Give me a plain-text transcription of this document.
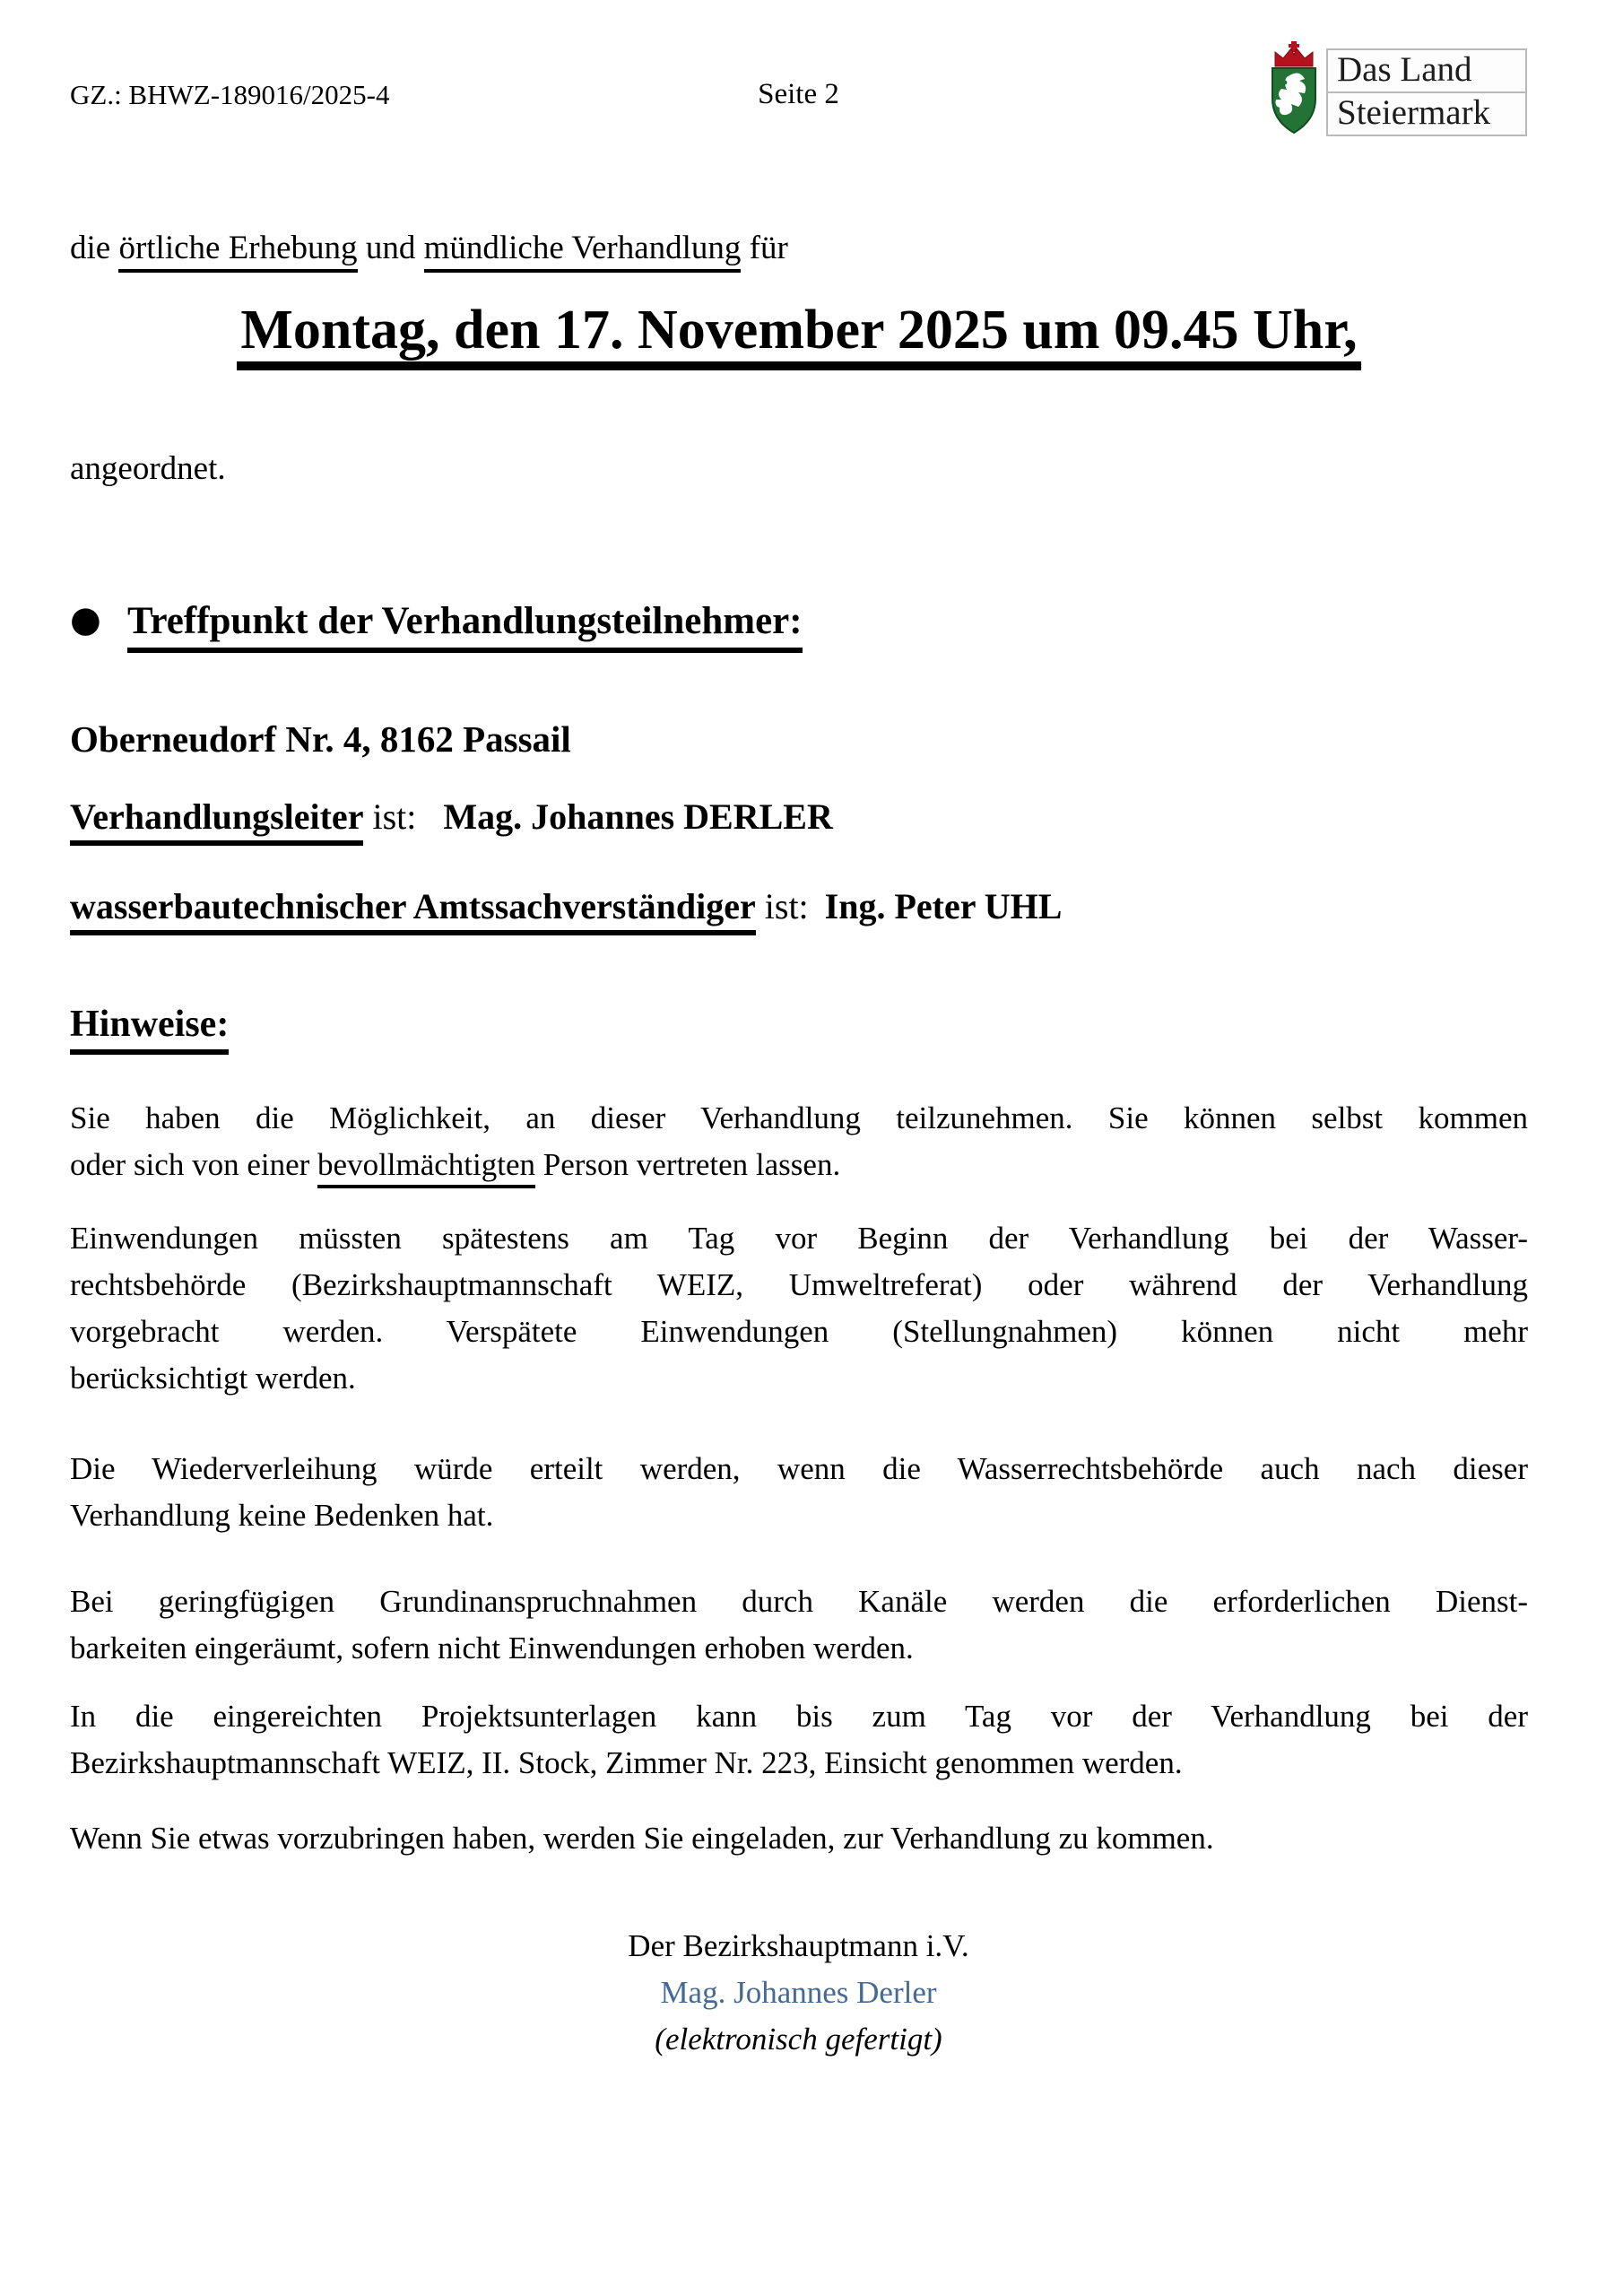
GZ.: BHWZ-189016/2025-4	Seite 2
Das Land
Steiermark
die örtliche Erhebung und mündliche Verhandlung für
Montag, den 17. November 2025 um 09.45 Uhr,
angeordnet.
● Treffpunkt der Verhandlungsteilnehmer:
Oberneudorf Nr. 4, 8162 Passail
Verhandlungsleiter ist: Mag. Johannes DERLER
wasserbautechnischer Amtssachverständiger ist: Ing. Peter UHL
Hinweise:
Sie haben die Möglichkeit, an dieser Verhandlung teilzunehmen. Sie können selbst kommen
oder sich von einer bevollmächtigten Person vertreten lassen.
Einwendungen müssten spätestens am Tag vor Beginn der Verhandlung bei der Wasser-
rechtsbehörde (Bezirkshauptmannschaft WEIZ, Umweltreferat) oder während der Verhandlung
vorgebracht werden. Verspätete Einwendungen (Stellungnahmen) können nicht mehr
berücksichtigt werden.
Die Wiederverleihung würde erteilt werden, wenn die Wasserrechtsbehörde auch nach dieser
Verhandlung keine Bedenken hat.
Bei geringfügigen Grundinanspruchnahmen durch Kanäle werden die erforderlichen Dienst-
barkeiten eingeräumt, sofern nicht Einwendungen erhoben werden.
In die eingereichten Projektsunterlagen kann bis zum Tag vor der Verhandlung bei der
Bezirkshauptmannschaft WEIZ, II. Stock, Zimmer Nr. 223, Einsicht genommen werden.
Wenn Sie etwas vorzubringen haben, werden Sie eingeladen, zur Verhandlung zu kommen.
Der Bezirkshauptmann i.V.
Mag. Johannes Derler
(elektronisch gefertigt)
